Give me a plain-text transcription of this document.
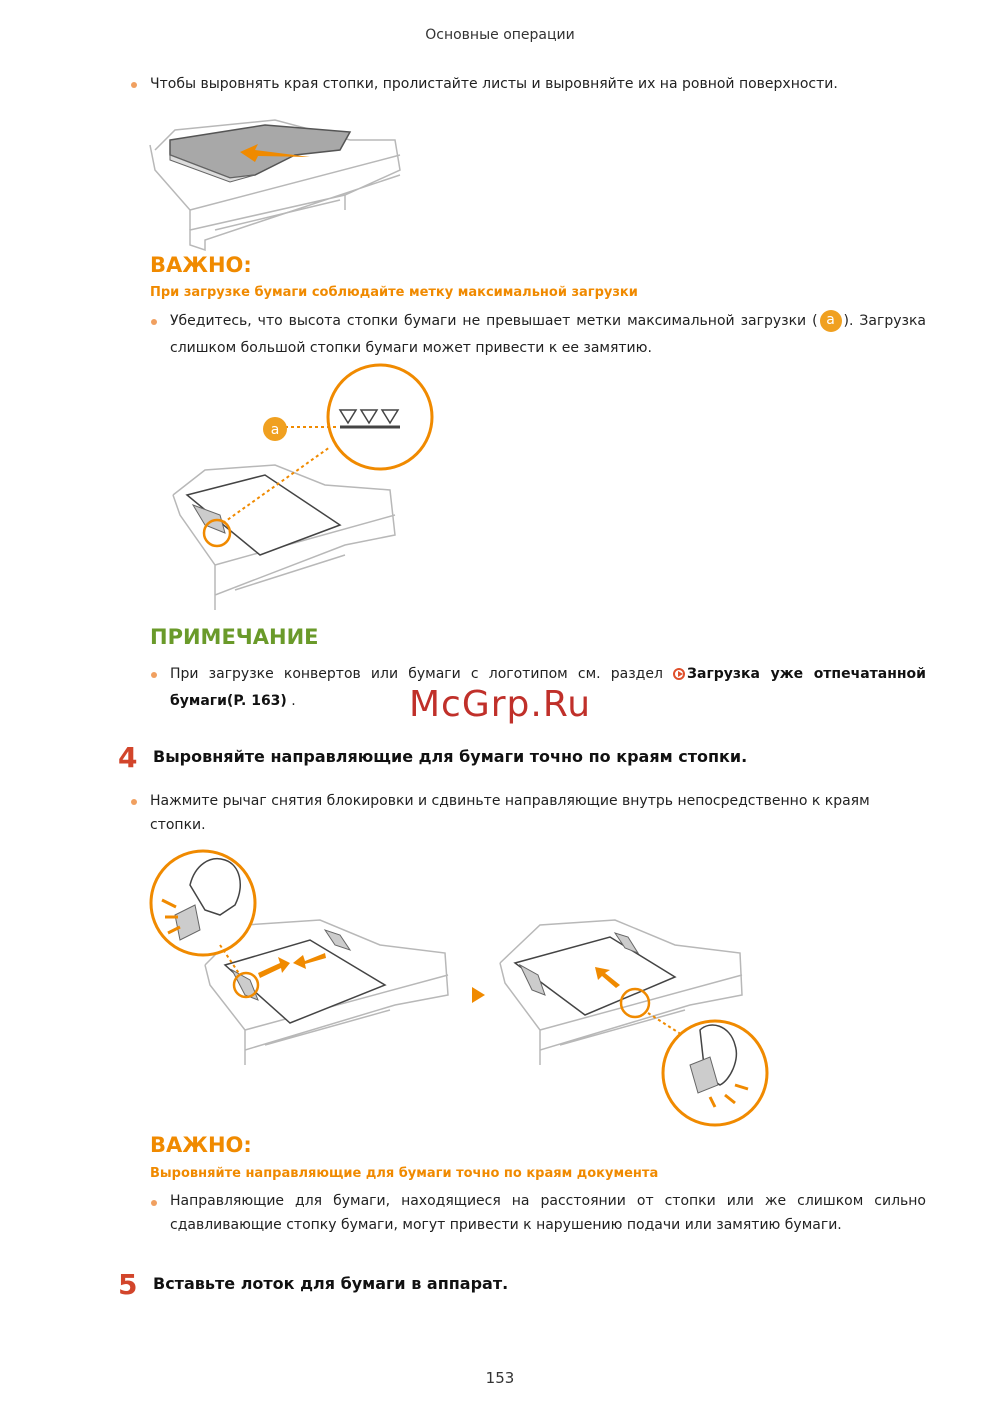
Основные операции
Чтобы выровнять края стопки, пролистайте листы и выровняйте их на ровной поверхности.
ВАЖНО:
При загрузке бумаги соблюдайте метку максимальной загрузки
Убедитесь, что высота стопки бумаги не превышает метки максимальной загрузки ( a ). Загрузка слишком большой стопки бумаги может привести к ее замятию.
a
ПРИМЕЧАНИЕ
При загрузке конвертов или бумаги с логотипом см. раздел Загрузка уже отпечатанной бумаги(P. 163) .	McGrp.Ru
4 Выровняйте направляющие для бумаги точно по краям стопки.
Нажмите рычаг снятия блокировки и сдвиньте направляющие внутрь непосредственно к краям стопки.
ВАЖНО:
Выровняйте направляющие для бумаги точно по краям документа
Направляющие для бумаги, находящиеся на расстоянии от стопки или же слишком сильно сдавливающие стопку бумаги, могут привести к нарушению подачи или замятию бумаги.
5 Вставьте лоток для бумаги в аппарат.
153
